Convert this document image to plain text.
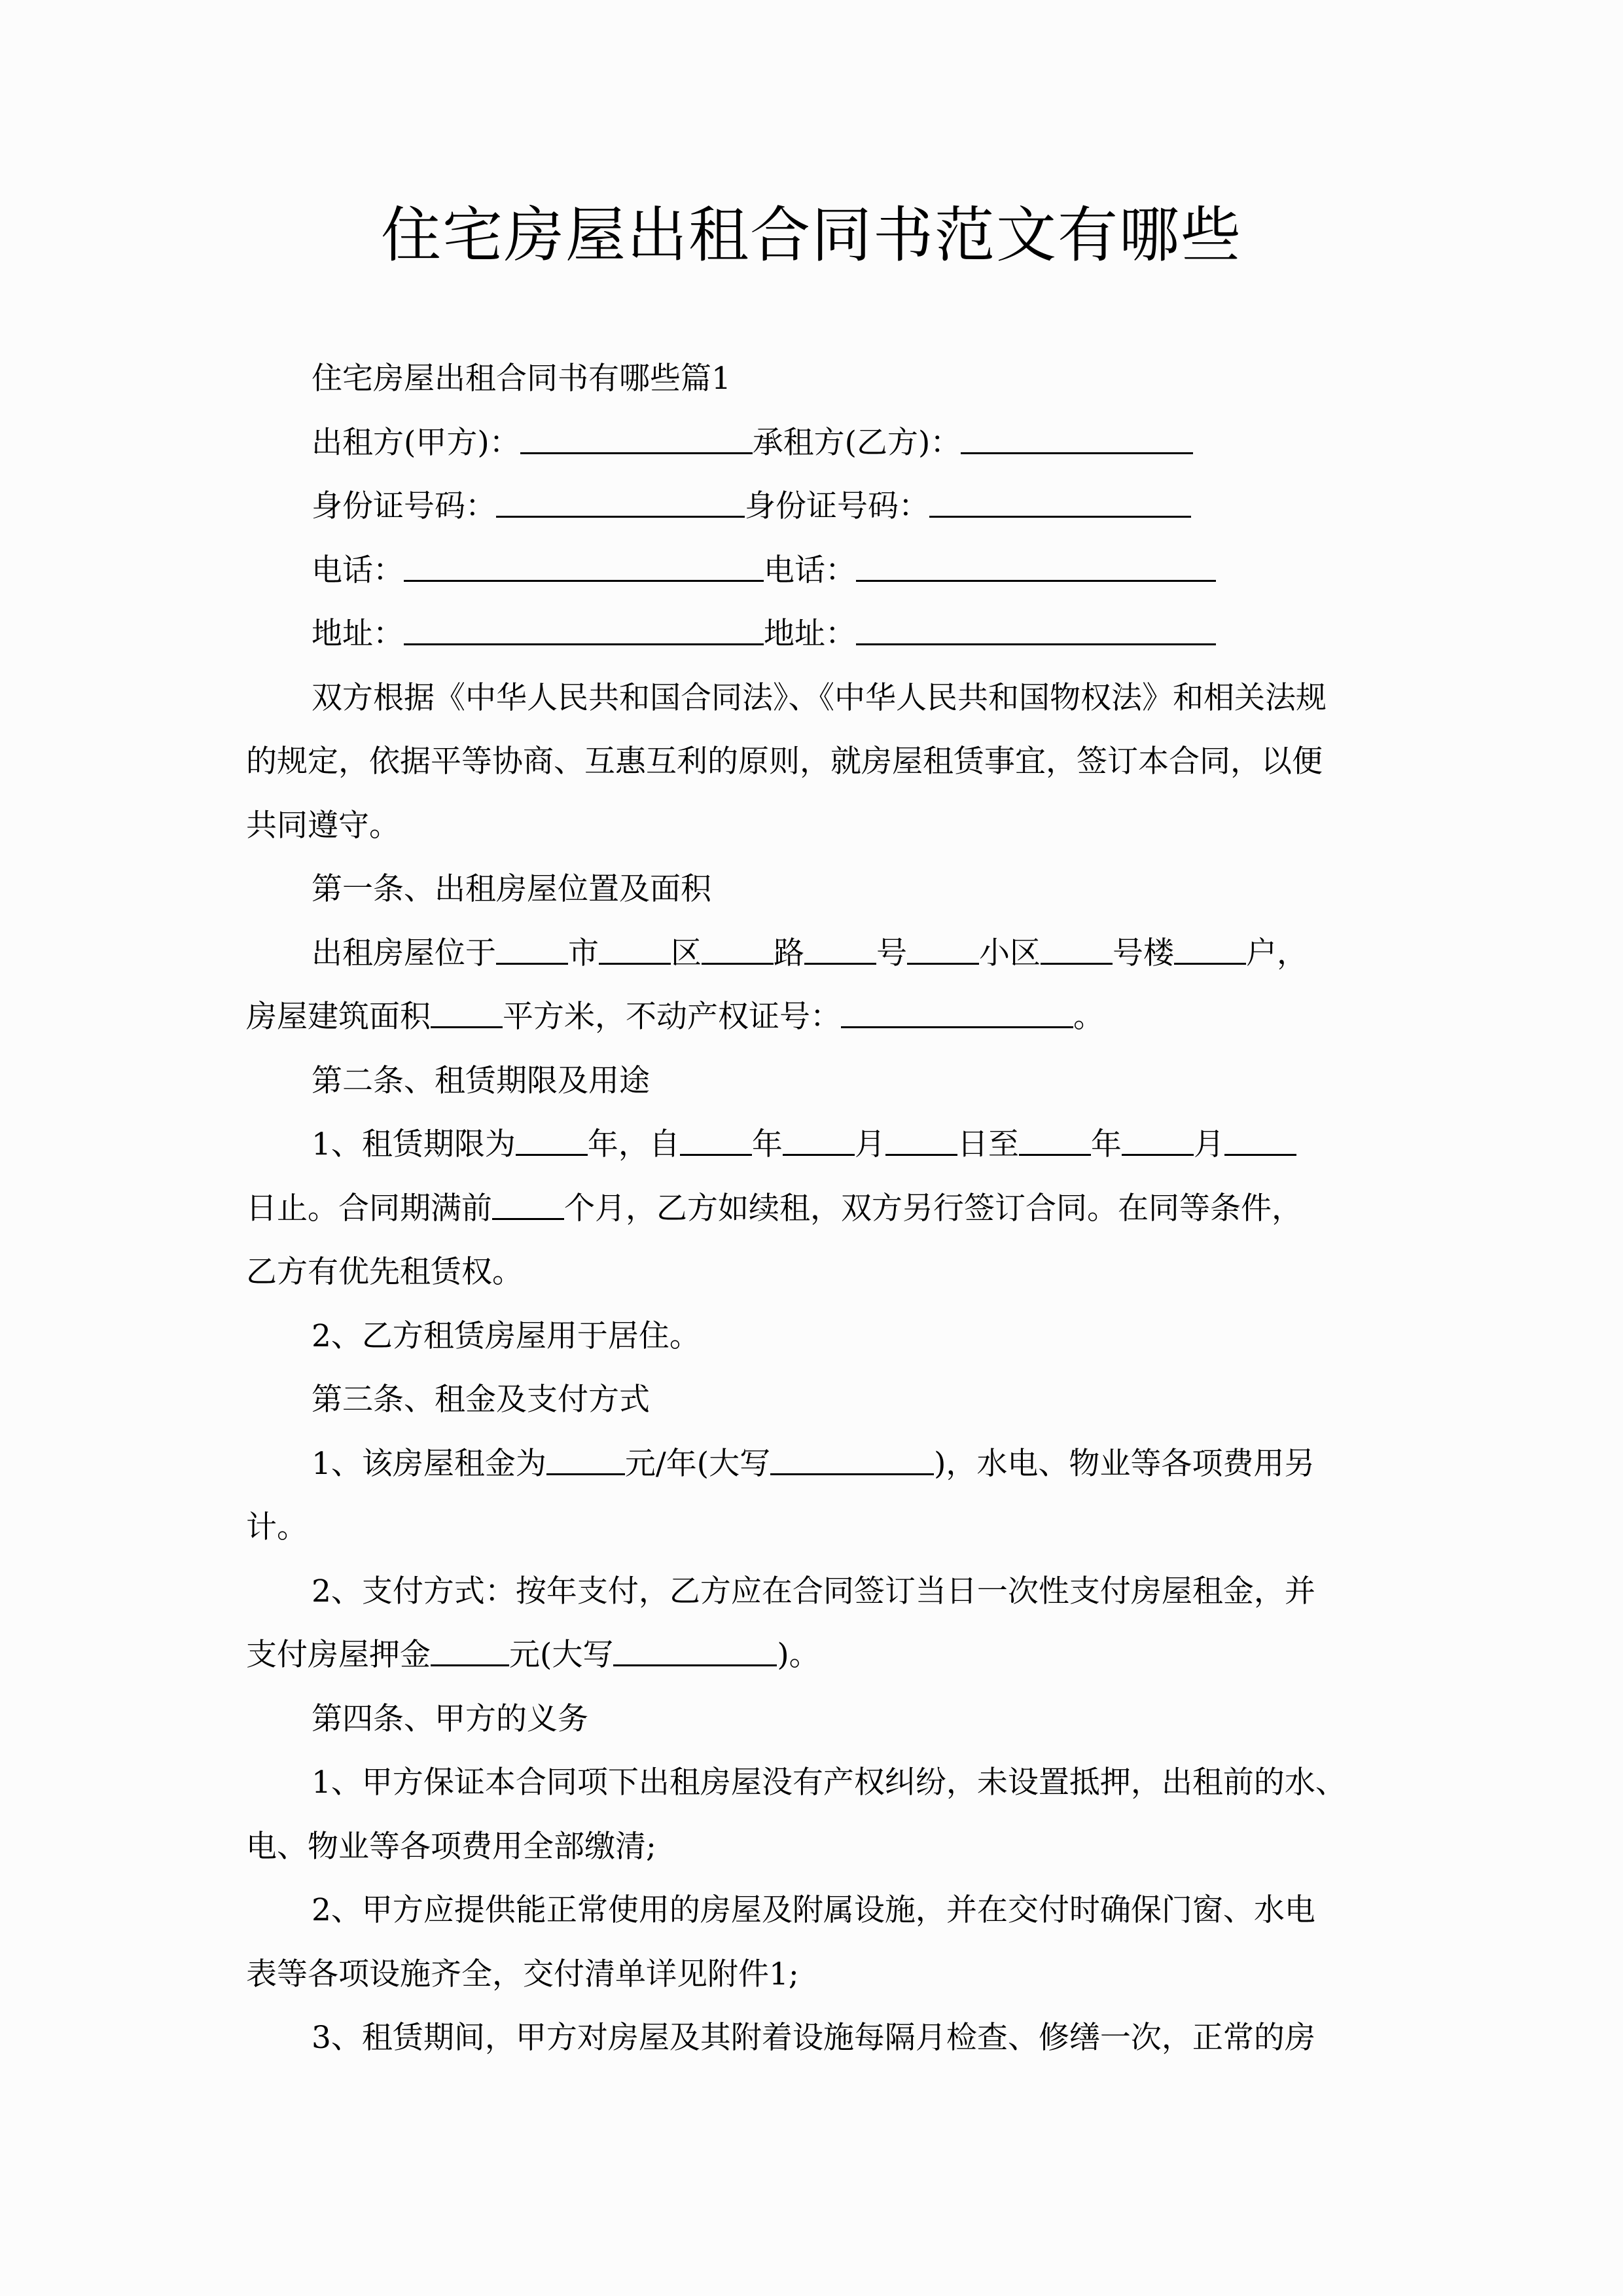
住宅房屋出租合同书范文有哪些
住宅房屋出租合同书有哪些篇1
出租方(甲方)：	承租方(乙方)：
身份证号码：	身份证号码：
电话：	电话：
地址：	地址：
双方根据《中华人民共和国合同法》、《中华人民共和国物权法》和相关法规
的规定，依据平等协商、互惠互利的原则，就房屋租赁事宜，签订本合同，以便
共同遵守。
第一条、出租房屋位置及面积
出租房屋位于 市 区 路 号 小区 号楼 户，
房屋建筑面积 平方米，不动产权证号：	。
第二条、租赁期限及用途
1、租赁期限为 年，自 年 月 日至 年 月
日止。合同期满前 个月，乙方如续租，双方另行签订合同。在同等条件，
乙方有优先租赁权。
2、乙方租赁房屋用于居住。
第三条、租金及支付方式
1、该房屋租金为	元/年(大写	)，水电、物业等各项费用另
计。
2、支付方式：按年支付，乙方应在合同签订当日一次性支付房屋租金，并
支付房屋押金	元(大写	)。
第四条、甲方的义务
1、甲方保证本合同项下出租房屋没有产权纠纷，未设置抵押，出租前的水、
电、物业等各项费用全部缴清;
2、甲方应提供能正常使用的房屋及附属设施，并在交付时确保门窗、水电
表等各项设施齐全，交付清单详见附件1;
3、租赁期间，甲方对房屋及其附着设施每隔月检查、修缮一次，正常的房
